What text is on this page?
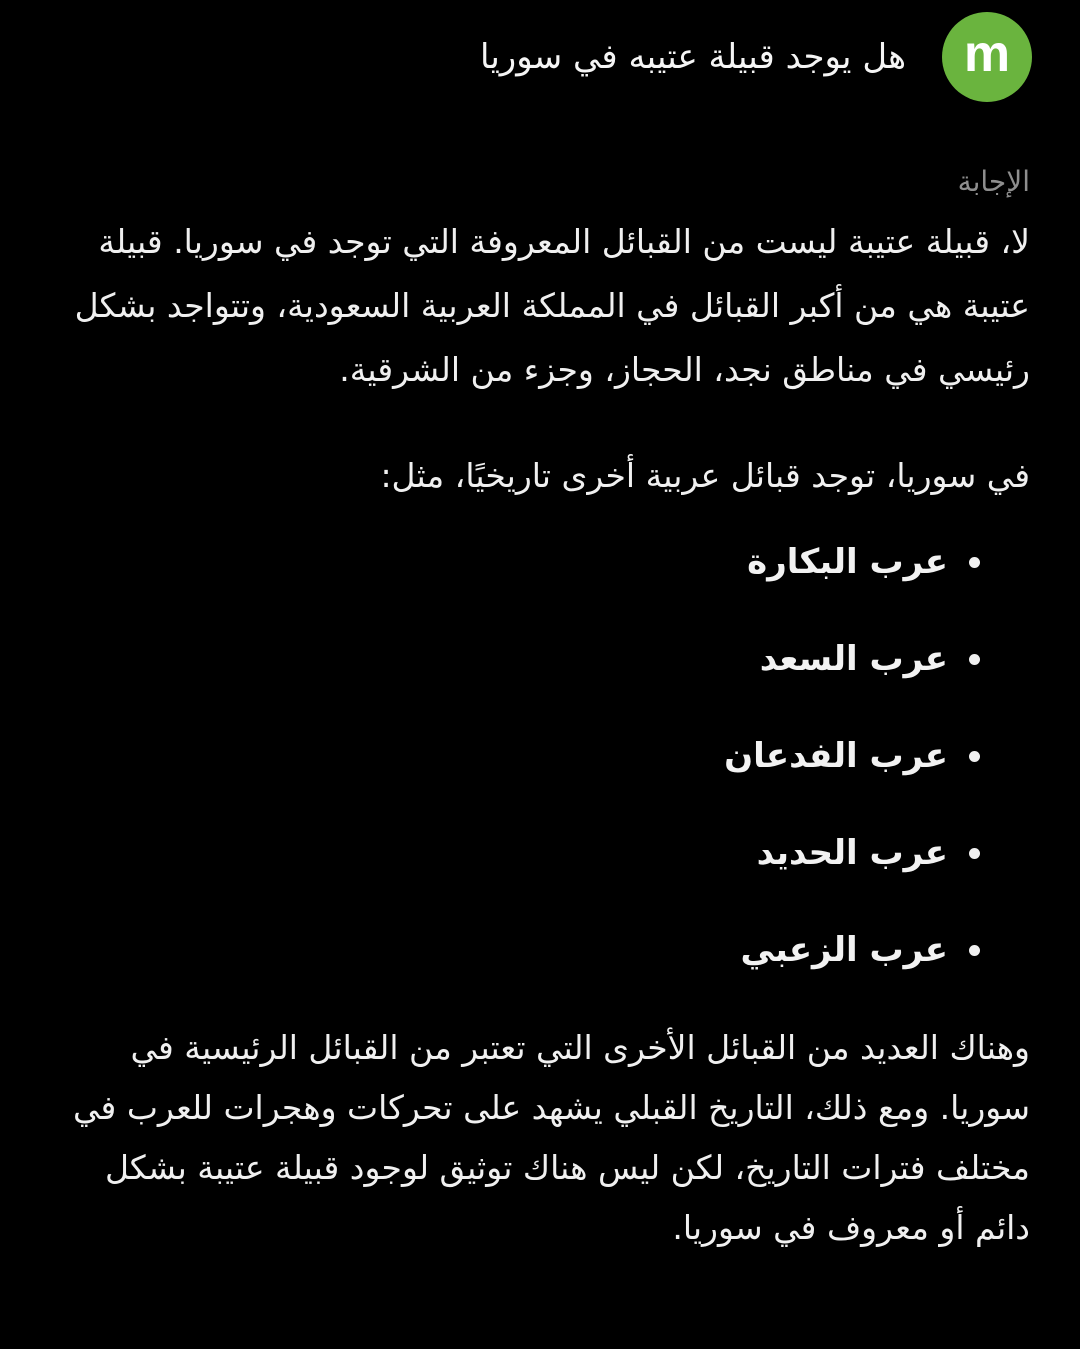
m
هل يوجد قبيلة عتيبه في سوريا
الإجابة

لا، قبيلة عتيبة ليست من القبائل المعروفة التي توجد في سوريا. قبيلة عتيبة هي من أكبر القبائل في المملكة العربية السعودية، وتتواجد بشكل رئيسي في مناطق نجد، الحجاز، وجزء من الشرقية.

في سوريا، توجد قبائل عربية أخرى تاريخيًا، مثل:

عرب البكارة
عرب السعد
عرب الفدعان
عرب الحديد
عرب الزعبي

وهناك العديد من القبائل الأخرى التي تعتبر من القبائل الرئيسية في سوريا. ومع ذلك، التاريخ القبلي يشهد على تحركات وهجرات للعرب في مختلف فترات التاريخ، لكن ليس هناك توثيق لوجود قبيلة عتيبة بشكل دائم أو معروف في سوريا.
